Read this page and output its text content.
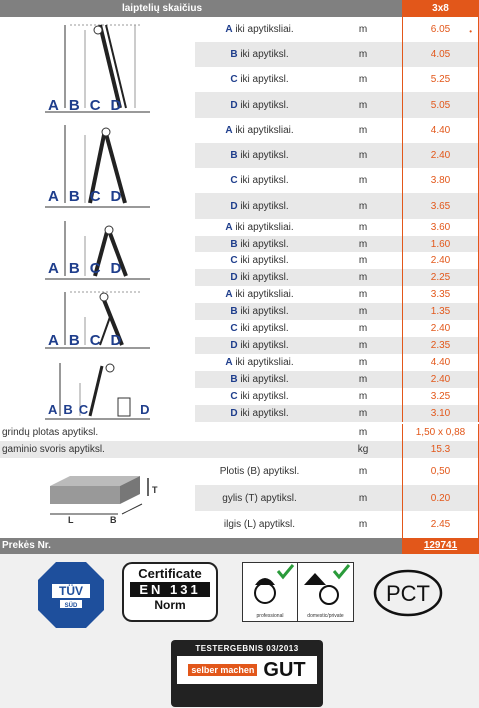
laiptelių skaičius	3x8
A iki apytiksliai.	m	6.05 •
B iki apytiksl.	m	4.05
C iki apytiksl.	m	5.25
D iki apytiksl.	m	5.05
A iki apytiksliai.	m	4.40
B iki apytiksl.	m	2.40
C iki apytiksl.	m	3.80
D iki apytiksl.	m	3.65
A iki apytiksliai.	m	3.60
B iki apytiksl.	m	1.60
C iki apytiksl.	m	2.40
D iki apytiksl.	m	2.25
A iki apytiksliai.	m	3.35
B iki apytiksl.	m	1.35
C iki apytiksl.	m	2.40
D iki apytiksl.	m	2.35
A iki apytiksliai.	m	4.40
B iki apytiksl.	m	2.40
C iki apytiksl.	m	3.25
D iki apytiksl.	m	3.10
ABCD
ABCD
ABCD
ABCD
ABC	D
grindų plotas apytiksl.	m	1,50 x 0,88
gaminio svoris apytiksl.	kg	15.3
T
L	B
Plotis (B) apytiksl.	m	0,50
gylis (T) apytiksl.	m	0.20
ilgis (L) apytiksl.	m	2.45
Prekės Nr.	129741
TÜV
SÜD
Certificate
EN 131
Norm
professional	domestic/private
PCT
TESTERGEBNIS 03/2013
selber machen GUT
